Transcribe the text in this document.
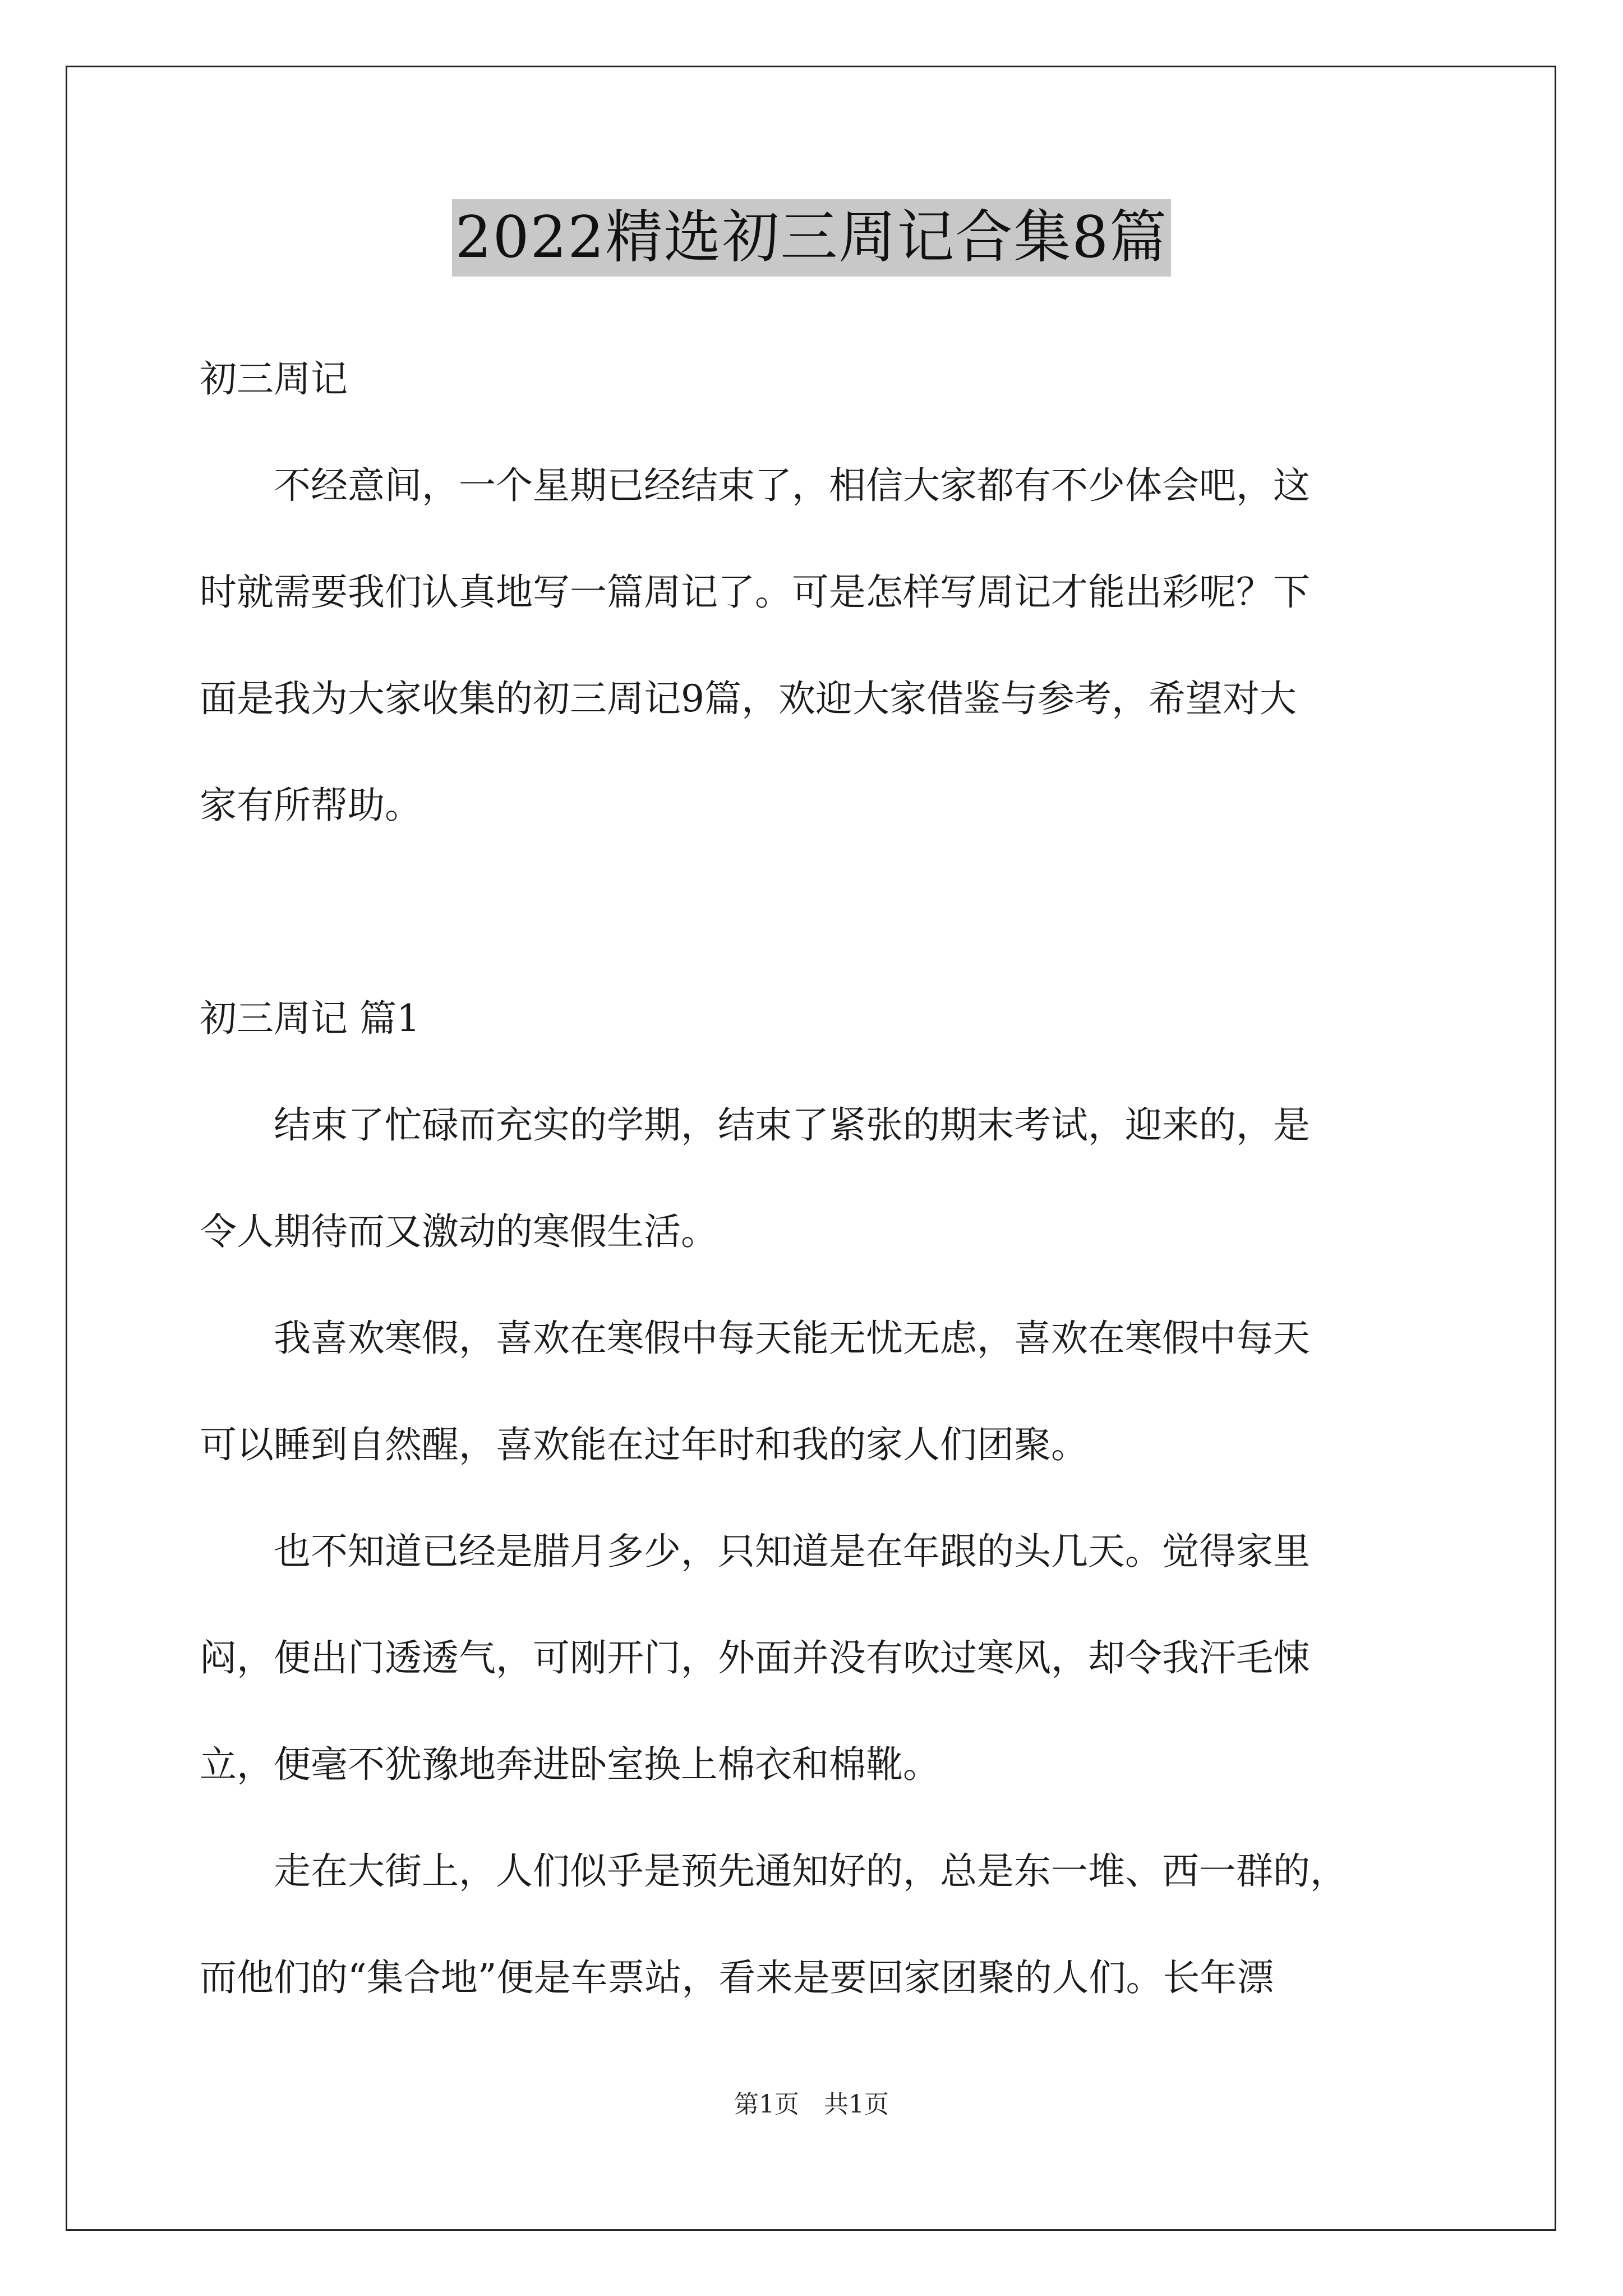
2022精选初三周记合集8篇
初三周记
　　不经意间，一个星期已经结束了，相信大家都有不少体会吧，这
时就需要我们认真地写一篇周记了。可是怎样写周记才能出彩呢？下
面是我为大家收集的初三周记9篇，欢迎大家借鉴与参考，希望对大
家有所帮助。
初三周记 篇1
　　结束了忙碌而充实的学期，结束了紧张的期末考试，迎来的，是
令人期待而又激动的寒假生活。
　　我喜欢寒假，喜欢在寒假中每天能无忧无虑，喜欢在寒假中每天
可以睡到自然醒，喜欢能在过年时和我的家人们团聚。
　　也不知道已经是腊月多少，只知道是在年跟的头几天。觉得家里
闷，便出门透透气，可刚开门，外面并没有吹过寒风，却令我汗毛悚
立，便毫不犹豫地奔进卧室换上棉衣和棉靴。
　　走在大街上，人们似乎是预先通知好的，总是东一堆、西一群的，
而他们的“集合地”便是车票站，看来是要回家团聚的人们。长年漂
第1页　共1页
